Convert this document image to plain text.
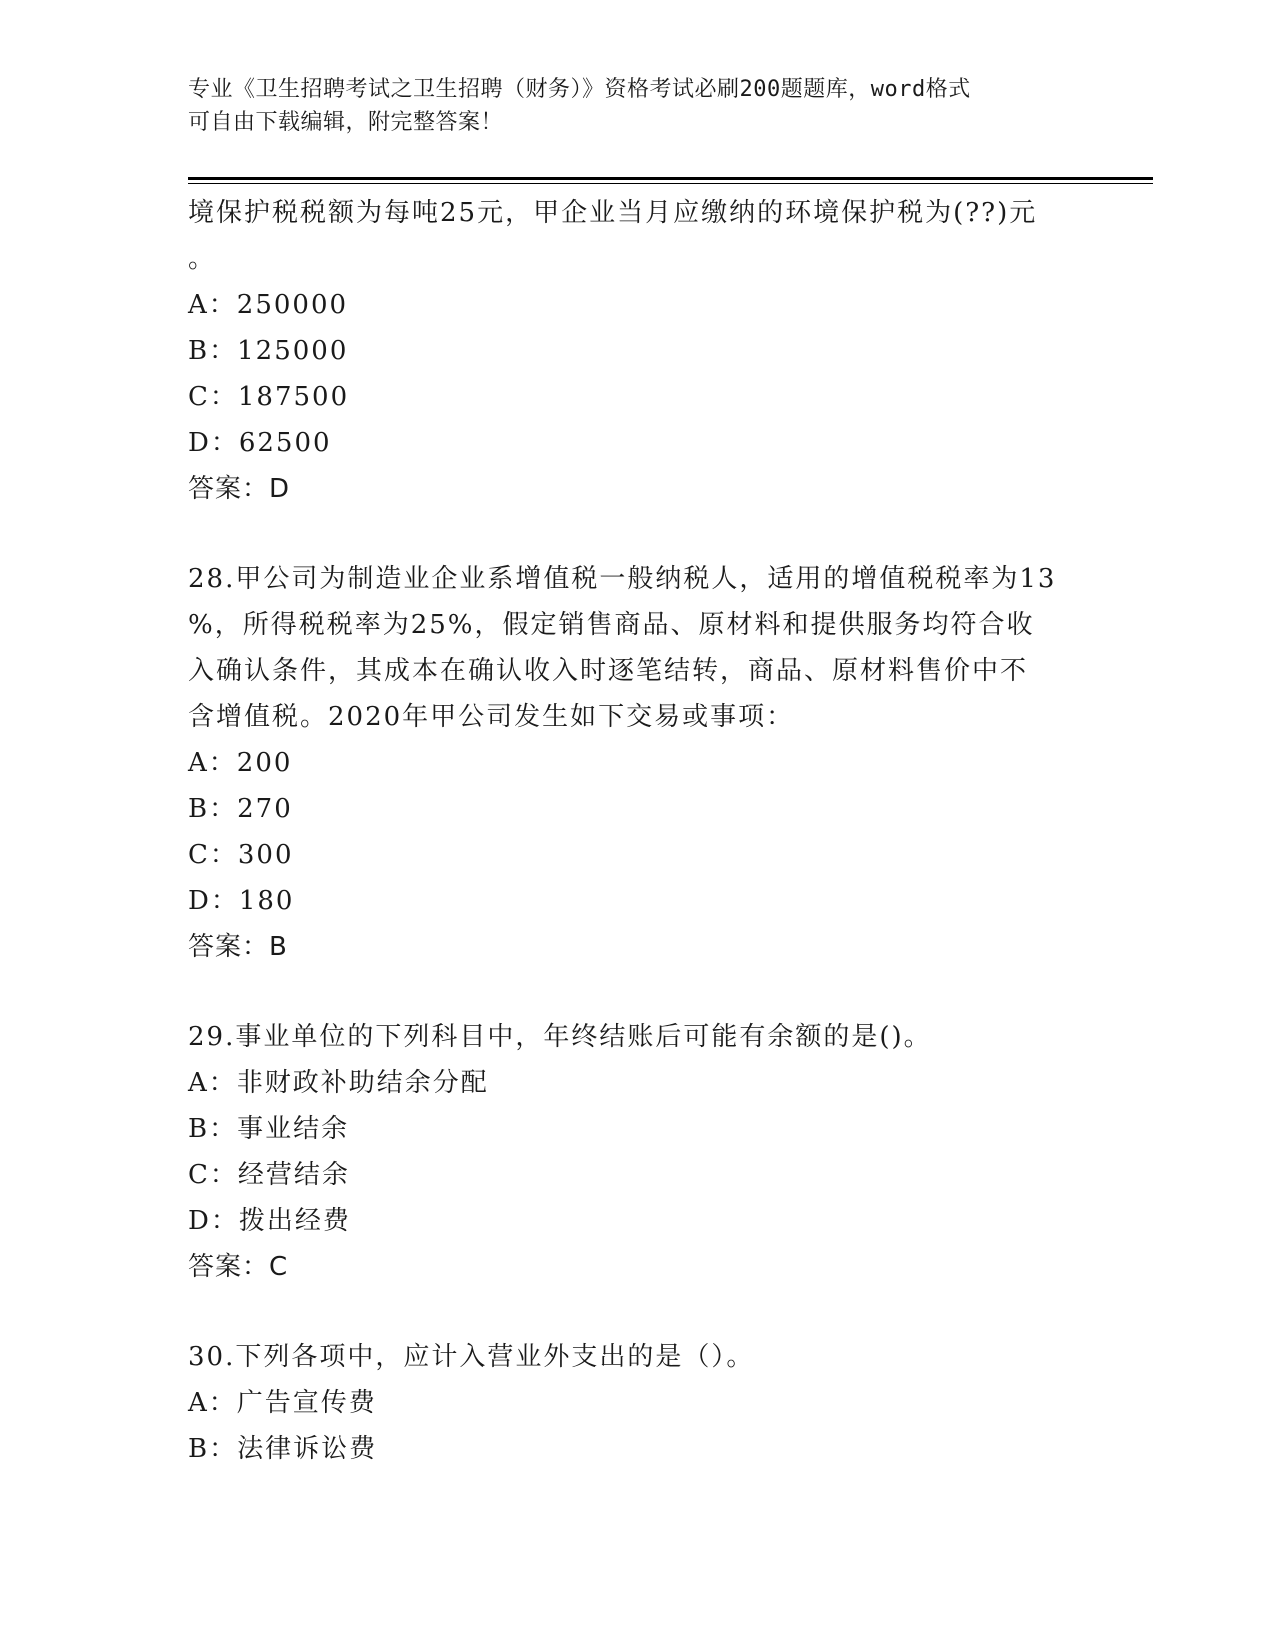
专业《卫生招聘考试之卫生招聘（财务）》资格考试必刷200题题库，word格式
可自由下载编辑，附完整答案！
境保护税税额为每吨25元，甲企业当月应缴纳的环境保护税为(??)元
。
A：250000
B：125000
C：187500
D：62500
答案：D
28.甲公司为制造业企业系增值税一般纳税人，适用的增值税税率为13
%，所得税税率为25%，假定销售商品、原材料和提供服务均符合收
入确认条件，其成本在确认收入时逐笔结转，商品、原材料售价中不
含增值税。2020年甲公司发生如下交易或事项：
A：200
B：270
C：300
D：180
答案：B
29.事业单位的下列科目中，年终结账后可能有余额的是()。
A：非财政补助结余分配
B：事业结余
C：经营结余
D：拨出经费
答案：C
30.下列各项中，应计入营业外支出的是（）。
A：广告宣传费
B：法律诉讼费
